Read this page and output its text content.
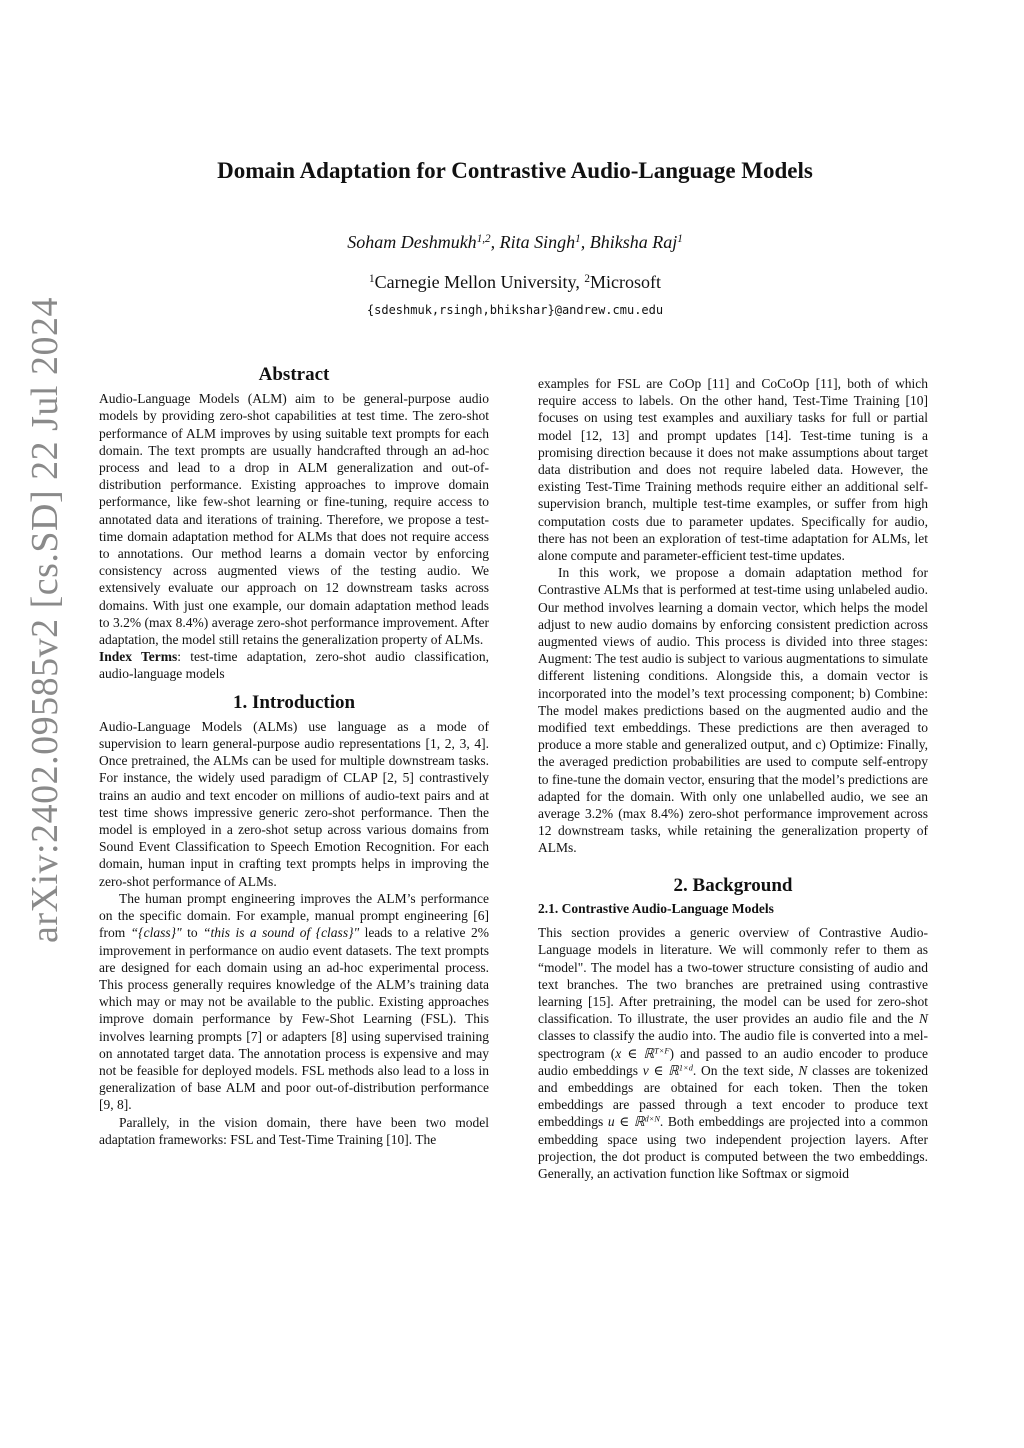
arXiv:2402.09585v2 [cs.SD] 22 Jul 2024
Domain Adaptation for Contrastive Audio-Language Models
Soham Deshmukh$^{1,2}$, Rita Singh$^1$, Bhiksha Raj$^1$
$^1$Carnegie Mellon University, $^2$Microsoft
{sdeshmuk,rsingh,bhikshar}@andrew.cmu.edu
Abstract

Audio-Language Models (ALM) aim to be general-purpose audio models by providing zero-shot capabilities at test time. The zero-shot performance of ALM improves by using suitable text prompts for each domain. The text prompts are usually handcrafted through an ad-hoc process and lead to a drop in ALM generalization and out-of-distribution performance. Existing approaches to improve domain performance, like few-shot learning or fine-tuning, require access to annotated data and iterations of training. Therefore, we propose a test-time domain adaptation method for ALMs that does not require access to annotations. Our method learns a domain vector by enforcing consistency across augmented views of the testing audio. We extensively evaluate our approach on 12 downstream tasks across domains. With just one example, our domain adaptation method leads to 3.2% (max 8.4%) average zero-shot performance improvement. After adaptation, the model still retains the generalization property of ALMs.

Index Terms: test-time adaptation, zero-shot audio classification, audio-language models

1. Introduction

Audio-Language Models (ALMs) use language as a mode of supervision to learn general-purpose audio representations [1, 2, 3, 4]. Once pretrained, the ALMs can be used for multiple downstream tasks. For instance, the widely used paradigm of CLAP [2, 5] contrastively trains an audio and text encoder on millions of audio-text pairs and at test time shows impressive generic zero-shot performance. Then the model is employed in a zero-shot setup across various domains from Sound Event Classification to Speech Emotion Recognition. For each domain, human input in crafting text prompts helps in improving the zero-shot performance of ALMs.

The human prompt engineering improves the ALM’s performance on the specific domain. For example, manual prompt engineering [6] from “{class}" to “this is a sound of {class}" leads to a relative 2% improvement in performance on audio event datasets. The text prompts are designed for each domain using an ad-hoc experimental process. This process generally requires knowledge of the ALM’s training data which may or may not be available to the public. Existing approaches improve domain performance by Few-Shot Learning (FSL). This involves learning prompts [7] or adapters [8] using supervised training on annotated target data. The annotation process is expensive and may not be feasible for deployed models. FSL methods also lead to a loss in generalization of base ALM and poor out-of-distribution performance [9, 8].

Parallely, in the vision domain, there have been two model adaptation frameworks: FSL and Test-Time Training [10]. The

examples for FSL are CoOp [11] and CoCoOp [11], both of which require access to labels. On the other hand, Test-Time Training [10] focuses on using test examples and auxiliary tasks for full or partial model [12, 13] and prompt updates [14]. Test-time tuning is a promising direction because it does not make assumptions about target data distribution and does not require labeled data. However, the existing Test-Time Training methods require either an additional self-supervision branch, multiple test-time examples, or suffer from high computation costs due to parameter updates. Specifically for audio, there has not been an exploration of test-time adaptation for ALMs, let alone compute and parameter-efficient test-time updates.

In this work, we propose a domain adaptation method for Contrastive ALMs that is performed at test-time using unlabeled audio. Our method involves learning a domain vector, which helps the model adjust to new audio domains by enforcing consistent prediction across augmented views of audio. This process is divided into three stages: Augment: The test audio is subject to various augmentations to simulate different listening conditions. Alongside this, a domain vector is incorporated into the model’s text processing component; b) Combine: The model makes predictions based on the augmented audio and the modified text embeddings. These predictions are then averaged to produce a more stable and generalized output, and c) Optimize: Finally, the averaged prediction probabilities are used to compute self-entropy to fine-tune the domain vector, ensuring that the model’s predictions are adapted for the domain. With only one unlabelled audio, we see an average 3.2% (max 8.4%) zero-shot performance improvement across 12 downstream tasks, while retaining the generalization property of ALMs.

2. Background
2.1. Contrastive Audio-Language Models

This section provides a generic overview of Contrastive Audio-Language models in literature. We will commonly refer to them as “model". The model has a two-tower structure consisting of audio and text branches. The two branches are pretrained using contrastive learning [15]. After pretraining, the model can be used for zero-shot classification. To illustrate, the user provides an audio file and the N classes to classify the audio into. The audio file is converted into a mel-spectrogram (x ∈ ℝ$^{T\times F}$) and passed to an audio encoder to produce audio embeddings v ∈ ℝ$^{1\times d}$. On the text side, N classes are tokenized and embeddings are obtained for each token. Then the token embeddings are passed through a text encoder to produce text embeddings u ∈ ℝ$^{d\times N}$. Both embeddings are projected into a common embedding space using two independent projection layers. After projection, the dot product is computed between the two embeddings. Generally, an activation function like Softmax or sigmoid
